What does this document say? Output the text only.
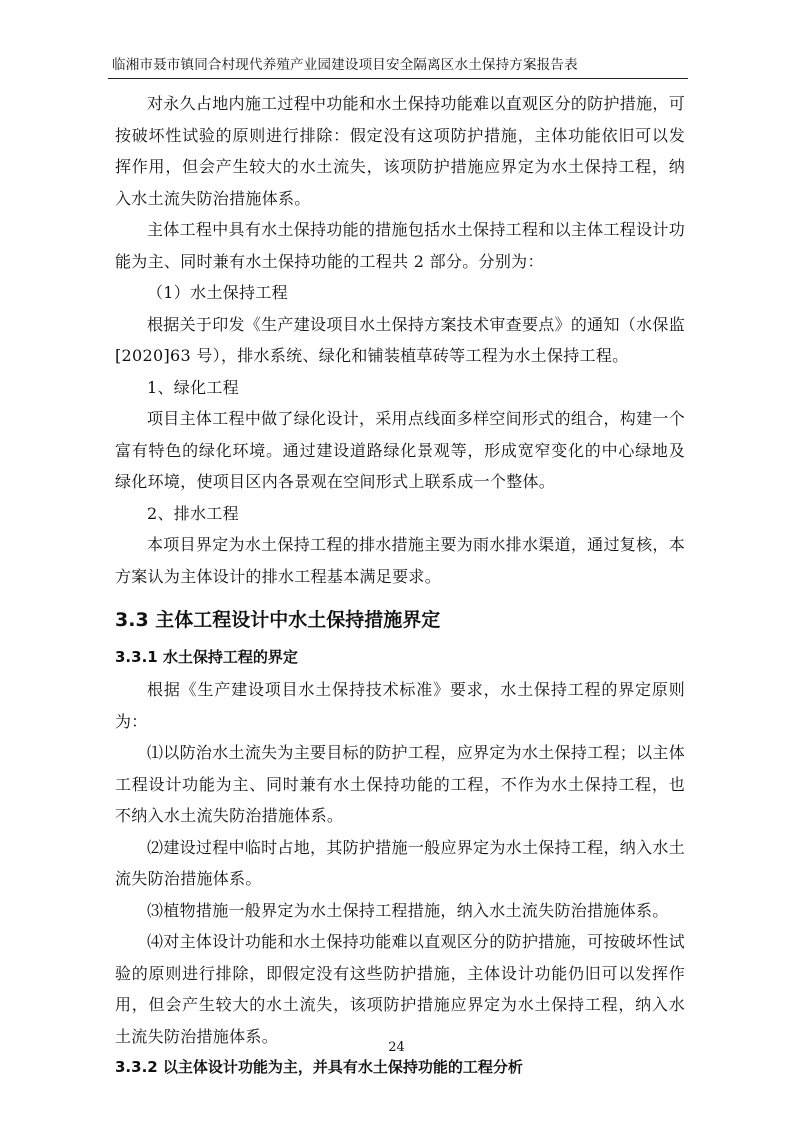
临湘市聂市镇同合村现代养殖产业园建设项目安全隔离区水土保持方案报告表

对永久占地内施工过程中功能和水土保持功能难以直观区分的防护措施，可按破坏性试验的原则进行排除：假定没有这项防护措施，主体功能依旧可以发挥作用，但会产生较大的水土流失，该项防护措施应界定为水土保持工程，纳入水土流失防治措施体系。

主体工程中具有水土保持功能的措施包括水土保持工程和以主体工程设计功能为主、同时兼有水土保持功能的工程共 2 部分。分别为：

（1）水土保持工程

根据关于印发《生产建设项目水土保持方案技术审查要点》的通知（水保监[2020]63 号），排水系统、绿化和铺装植草砖等工程为水土保持工程。

1、绿化工程

项目主体工程中做了绿化设计，采用点线面多样空间形式的组合，构建一个富有特色的绿化环境。通过建设道路绿化景观等，形成宽窄变化的中心绿地及绿化环境，使项目区内各景观在空间形式上联系成一个整体。

2、排水工程

本项目界定为水土保持工程的排水措施主要为雨水排水渠道，通过复核，本方案认为主体设计的排水工程基本满足要求。

3.3 主体工程设计中水土保持措施界定
3.3.1 水土保持工程的界定

根据《生产建设项目水土保持技术标准》要求，水土保持工程的界定原则为：

⑴以防治水土流失为主要目标的防护工程，应界定为水土保持工程；以主体工程设计功能为主、同时兼有水土保持功能的工程，不作为水土保持工程，也不纳入水土流失防治措施体系。

⑵建设过程中临时占地，其防护措施一般应界定为水土保持工程，纳入水土流失防治措施体系。

⑶植物措施一般界定为水土保持工程措施，纳入水土流失防治措施体系。

⑷对主体设计功能和水土保持功能难以直观区分的防护措施，可按破坏性试验的原则进行排除，即假定没有这些防护措施，主体设计功能仍旧可以发挥作用，但会产生较大的水土流失，该项防护措施应界定为水土保持工程，纳入水土流失防治措施体系。

3.3.2 以主体设计功能为主，并具有水土保持功能的工程分析
24
